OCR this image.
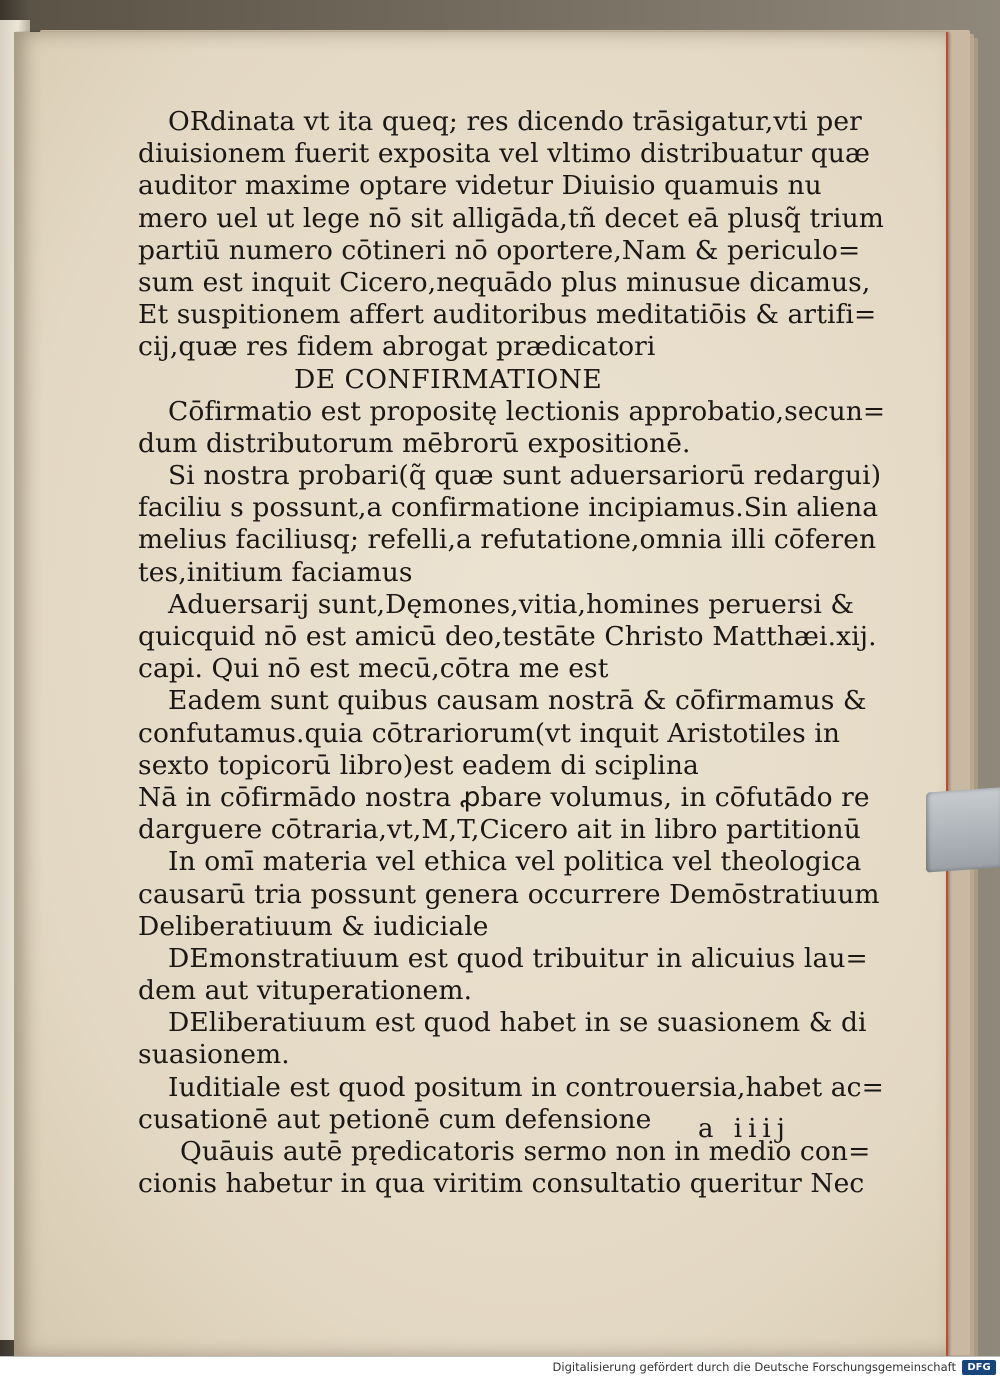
ORdinata vt ita queq; res dicendo trāsigatur,vti per
diuisionem fuerit exposita vel vltimo distribuatur quæ
auditor maxime optare videtur Diuisio quamuis nu
mero uel ut lege nō sit alligāda,tñ decet eā plusq̃ trium
partiū numero cōtineri nō oportere,Nam & periculo=
sum est inquit Cicero,nequādo plus minusue dicamus,
Et suspitionem affert auditoribus meditatiōis & artifi=
cij,quæ res fidem abrogat prædicatori
DE CONFIRMATIONE
Cōfirmatio est propositę lectionis approbatio,secun=
dum distributorum mēbrorū expositionē.
Si nostra probari(q̃ quæ sunt aduersariorū redargui)
faciliu s possunt,a confirmatione incipiamus.Sin aliena
melius faciliusq; refelli,a refutatione,omnia illi cōferen
tes,initium faciamus
Aduersarij sunt,Dęmones,vitia,homines peruersi &
quicquid nō est amicū deo,testāte Christo Matthæi.xij.
capi. Qui nō est mecū,cōtra me est
Eadem sunt quibus causam nostrā & cōfirmamus &
confutamus.quia cōtrariorum(vt inquit Aristotiles in
sexto topicorū libro)est eadem di sciplina
Nā in cōfirmādo nostra ꝓbare volumus, in cōfutādo re
darguere cōtraria,vt,M,T,Cicero ait in libro partitionū
In omī materia vel ethica vel politica vel theologica
causarū tria possunt genera occurrere Demōstratiuum
Deliberatiuum & iudiciale
DEmonstratiuum est quod tribuitur in alicuius lau=
dem aut vituperationem.
DEliberatiuum est quod habet in se suasionem & di
suasionem.
Iuditiale est quod positum in controuersia,habet ac=
cusationē aut petionē cum defensione
Quāuis autē pr̨edicatoris sermo non in medio con=
cionis habetur in qua viritim consultatio queritur Nec
a iiij
Digitalisierung gefördert durch die Deutsche Forschungsgemeinschaft	DFG
